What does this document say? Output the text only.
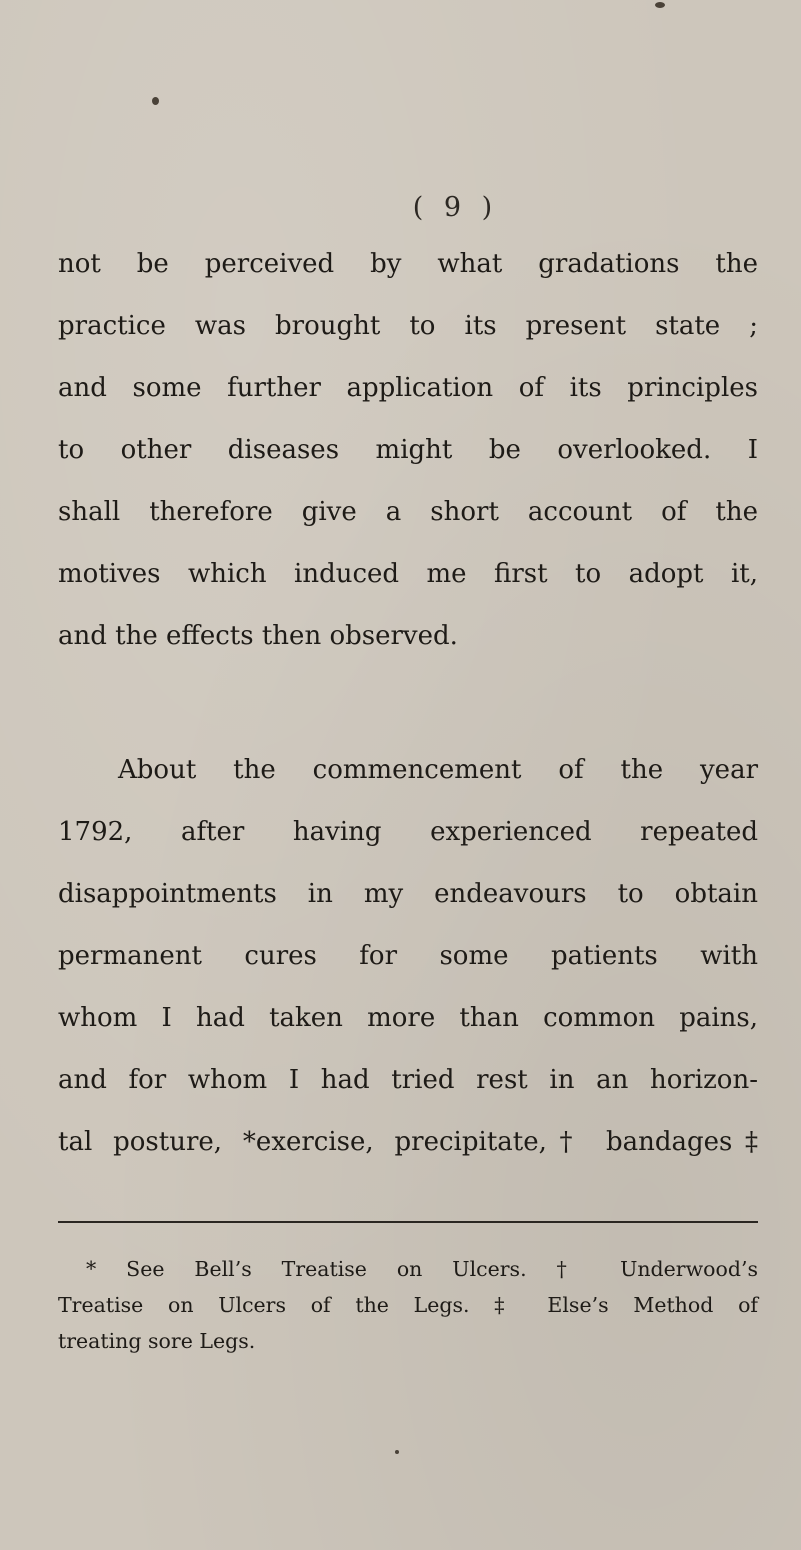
( 9 )
not be perceived by what gradations the
practice was brought to its present state ;
and some further application of its principles
to other diseases might be overlooked. I
shall therefore give a short account of the
motives which induced me first to adopt it,
and the effects then observed.
About the commencement of the year
1792, after having experienced repeated
disappointments in my endeavours to obtain
permanent cures for some patients with
whom I had taken more than common pains,
and for whom I had tried rest in an horizon-
tal posture, *exercise, precipitate,† bandages‡
* See Bell’s Treatise on Ulcers. † Underwood’s
Treatise on Ulcers of the Legs. ‡ Else’s Method of
treating sore Legs.
